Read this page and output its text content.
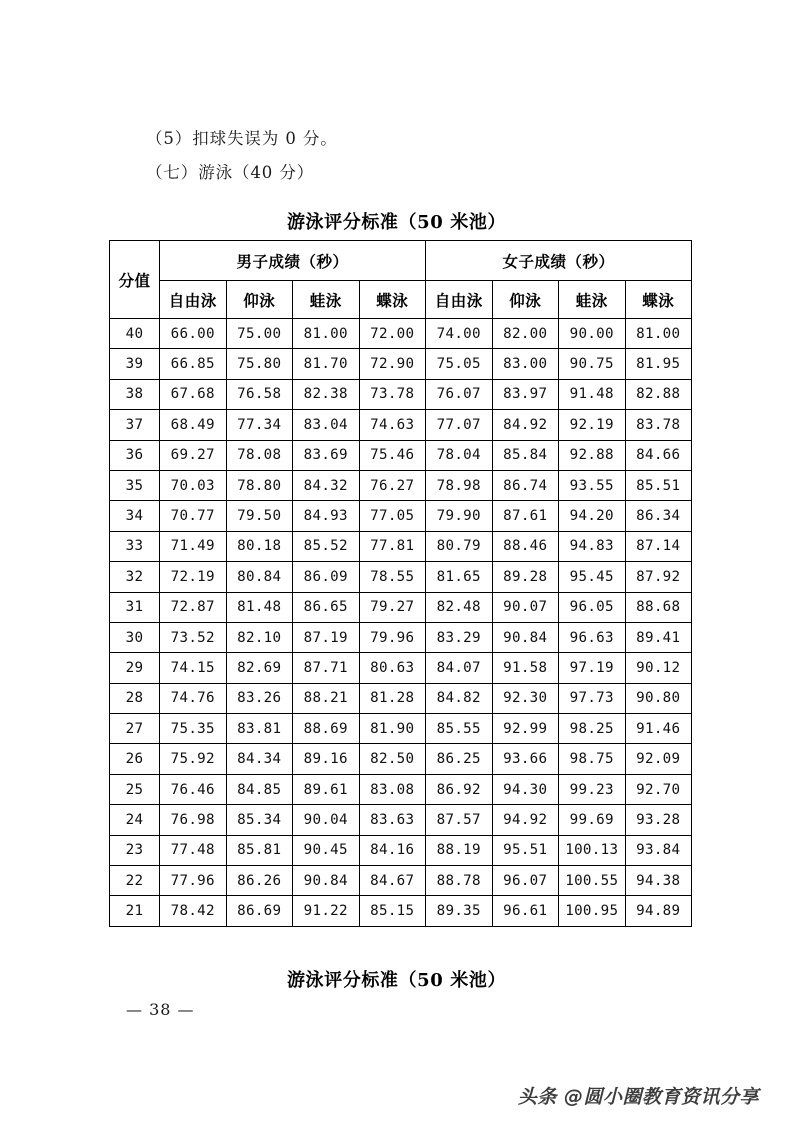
（5）扣球失误为 0 分。
（七）游泳（40 分）
游泳评分标准（50 米池）
分值	男子成绩（秒）				女子成绩（秒）			
	自由泳	仰泳	蛙泳	蝶泳	自由泳	仰泳	蛙泳	蝶泳
40	66.00	75.00	81.00	72.00	74.00	82.00	90.00	81.00
39	66.85	75.80	81.70	72.90	75.05	83.00	90.75	81.95
38	67.68	76.58	82.38	73.78	76.07	83.97	91.48	82.88
37	68.49	77.34	83.04	74.63	77.07	84.92	92.19	83.78
36	69.27	78.08	83.69	75.46	78.04	85.84	92.88	84.66
35	70.03	78.80	84.32	76.27	78.98	86.74	93.55	85.51
34	70.77	79.50	84.93	77.05	79.90	87.61	94.20	86.34
33	71.49	80.18	85.52	77.81	80.79	88.46	94.83	87.14
32	72.19	80.84	86.09	78.55	81.65	89.28	95.45	87.92
31	72.87	81.48	86.65	79.27	82.48	90.07	96.05	88.68
30	73.52	82.10	87.19	79.96	83.29	90.84	96.63	89.41
29	74.15	82.69	87.71	80.63	84.07	91.58	97.19	90.12
28	74.76	83.26	88.21	81.28	84.82	92.30	97.73	90.80
27	75.35	83.81	88.69	81.90	85.55	92.99	98.25	91.46
26	75.92	84.34	89.16	82.50	86.25	93.66	98.75	92.09
25	76.46	84.85	89.61	83.08	86.92	94.30	99.23	92.70
24	76.98	85.34	90.04	83.63	87.57	94.92	99.69	93.28
23	77.48	85.81	90.45	84.16	88.19	95.51	100.13	93.84
22	77.96	86.26	90.84	84.67	88.78	96.07	100.55	94.38
21	78.42	86.69	91.22	85.15	89.35	96.61	100.95	94.89
游泳评分标准（50 米池）
— 38 —
头条 @圆小圈教育资讯分享
